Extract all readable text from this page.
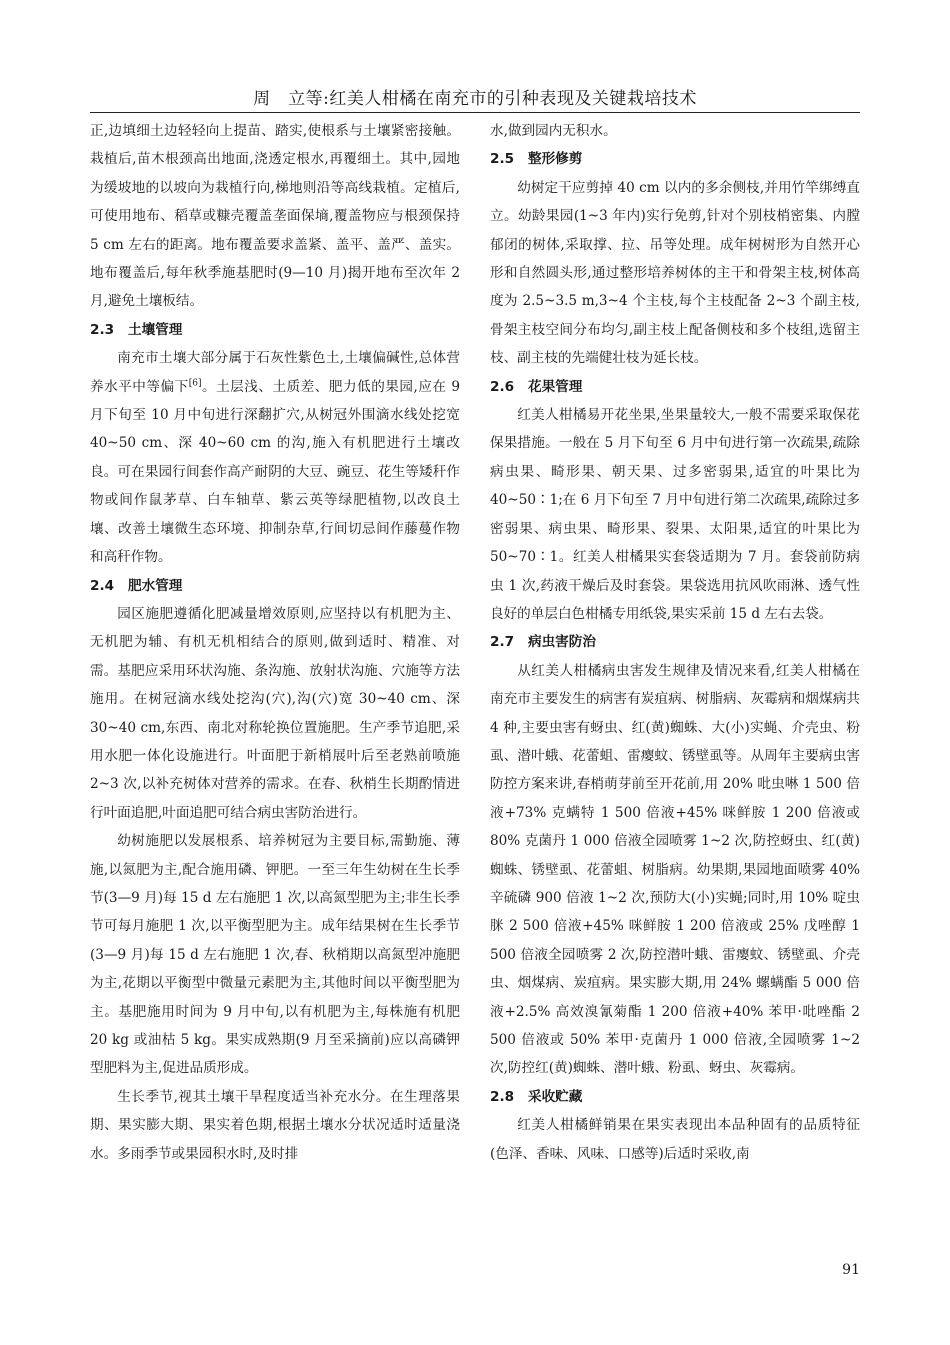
周　立等:红美人柑橘在南充市的引种表现及关键栽培技术

正,边填细土边轻轻向上提苗、踏实,使根系与土壤紧密接触。栽植后,苗木根颈高出地面,浇透定根水,再覆细土。其中,园地为缓坡地的以坡向为栽植行向,梯地则沿等高线栽植。定植后,可使用地布、稻草或糠壳覆盖垄面保墒,覆盖物应与根颈保持 5 cm 左右的距离。地布覆盖要求盖紧、盖平、盖严、盖实。地布覆盖后,每年秋季施基肥时(9—10 月)揭开地布至次年 2 月,避免土壤板结。

2.3 土壤管理

南充市土壤大部分属于石灰性紫色土,土壤偏碱性,总体营养水平中等偏下[6]。土层浅、土质差、肥力低的果园,应在 9 月下旬至 10 月中旬进行深翻扩穴,从树冠外围滴水线处挖宽 40~50 cm、深 40~60 cm 的沟,施入有机肥进行土壤改良。可在果园行间套作高产耐阴的大豆、豌豆、花生等矮秆作物或间作鼠茅草、白车轴草、紫云英等绿肥植物,以改良土壤、改善土壤微生态环境、抑制杂草,行间切忌间作藤蔓作物和高秆作物。

2.4 肥水管理

园区施肥遵循化肥减量增效原则,应坚持以有机肥为主、无机肥为辅、有机无机相结合的原则,做到适时、精准、对需。基肥应采用环状沟施、条沟施、放射状沟施、穴施等方法施用。在树冠滴水线处挖沟(穴),沟(穴)宽 30~40 cm、深 30~40 cm,东西、南北对称轮换位置施肥。生产季节追肥,采用水肥一体化设施进行。叶面肥于新梢展叶后至老熟前喷施 2~3 次,以补充树体对营养的需求。在春、秋梢生长期酌情进行叶面追肥,叶面追肥可结合病虫害防治进行。

幼树施肥以发展根系、培养树冠为主要目标,需勤施、薄施,以氮肥为主,配合施用磷、钾肥。一至三年生幼树在生长季节(3—9 月)每 15 d 左右施肥 1 次,以高氮型肥为主;非生长季节可每月施肥 1 次,以平衡型肥为主。成年结果树在生长季节(3—9 月)每 15 d 左右施肥 1 次,春、秋梢期以高氮型冲施肥为主,花期以平衡型中微量元素肥为主,其他时间以平衡型肥为主。基肥施用时间为 9 月中旬,以有机肥为主,每株施有机肥 20 kg 或油枯 5 kg。果实成熟期(9 月至采摘前)应以高磷钾型肥料为主,促进品质形成。

生长季节,视其土壤干旱程度适当补充水分。在生理落果期、果实膨大期、果实着色期,根据土壤水分状况适时适量浇水。多雨季节或果园积水时,及时排

水,做到园内无积水。

2.5 整形修剪

幼树定干应剪掉 40 cm 以内的多余侧枝,并用竹竿绑缚直立。幼龄果园(1~3 年内)实行免剪,针对个别枝梢密集、内膛郁闭的树体,采取撑、拉、吊等处理。成年树树形为自然开心形和自然圆头形,通过整形培养树体的主干和骨架主枝,树体高度为 2.5~3.5 m,3~4 个主枝,每个主枝配备 2~3 个副主枝,骨架主枝空间分布均匀,副主枝上配备侧枝和多个枝组,选留主枝、副主枝的先端健壮枝为延长枝。

2.6 花果管理

红美人柑橘易开花坐果,坐果量较大,一般不需要采取保花保果措施。一般在 5 月下旬至 6 月中旬进行第一次疏果,疏除病虫果、畸形果、朝天果、过多密弱果,适宜的叶果比为 40~50∶1;在 6 月下旬至 7 月中旬进行第二次疏果,疏除过多密弱果、病虫果、畸形果、裂果、太阳果,适宜的叶果比为 50~70∶1。红美人柑橘果实套袋适期为 7 月。套袋前防病虫 1 次,药液干燥后及时套袋。果袋选用抗风吹雨淋、透气性良好的单层白色柑橘专用纸袋,果实采前 15 d 左右去袋。

2.7 病虫害防治

从红美人柑橘病虫害发生规律及情况来看,红美人柑橘在南充市主要发生的病害有炭疽病、树脂病、灰霉病和烟煤病共 4 种,主要虫害有蚜虫、红(黄)蜘蛛、大(小)实蝇、介壳虫、粉虱、潜叶蛾、花蕾蛆、雷瘿蚊、锈壁虱等。从周年主要病虫害防控方案来讲,春梢萌芽前至开花前,用 20% 吡虫啉 1 500 倍液+73% 克螨特 1 500 倍液+45% 咪鲜胺 1 200 倍液或 80% 克菌丹 1 000 倍液全园喷雾 1~2 次,防控蚜虫、红(黄)蜘蛛、锈壁虱、花蕾蛆、树脂病。幼果期,果园地面喷雾 40% 辛硫磷 900 倍液 1~2 次,预防大(小)实蝇;同时,用 10% 啶虫脒 2 500 倍液+45% 咪鲜胺 1 200 倍液或 25% 戊唑醇 1 500 倍液全园喷雾 2 次,防控潜叶蛾、雷瘿蚊、锈壁虱、介壳虫、烟煤病、炭疽病。果实膨大期,用 24% 螺螨酯 5 000 倍液+2.5% 高效溴氰菊酯 1 200 倍液+40% 苯甲·吡唑酯 2 500 倍液或 50% 苯甲·克菌丹 1 000 倍液,全园喷雾 1~2 次,防控红(黄)蜘蛛、潜叶蛾、粉虱、蚜虫、灰霉病。

2.8 采收贮藏

红美人柑橘鲜销果在果实表现出本品种固有的品质特征(色泽、香味、风味、口感等)后适时采收,南

91
